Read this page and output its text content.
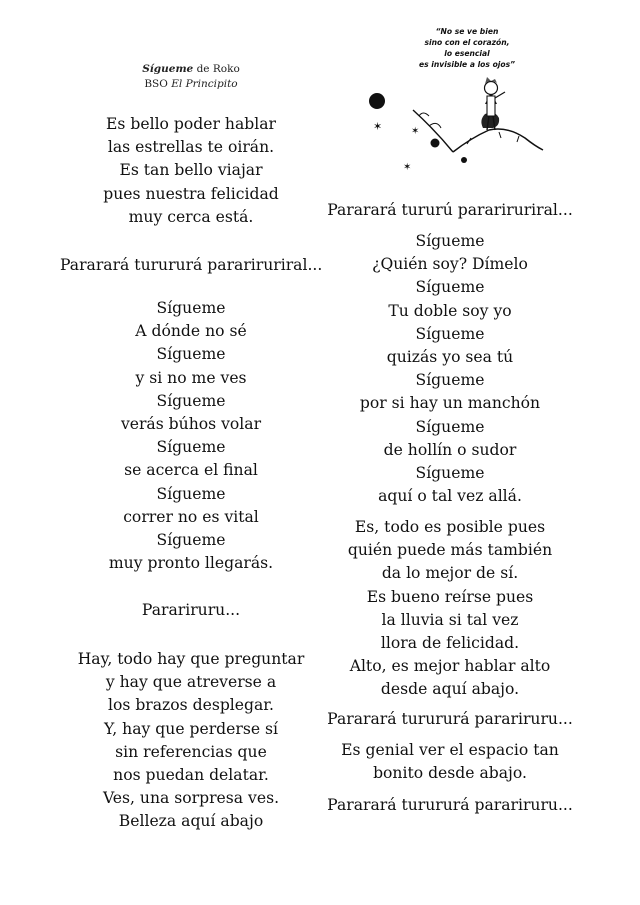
Sígueme de Roko
BSO El Principito
Es bello poder hablar
las estrellas te oirán.
Es tan bello viajar
pues nuestra felicidad
muy cerca está.
Pararará turururá parariruriral...
Sígueme
A dónde no sé
Sígueme
y si no me ves
Sígueme
verás búhos volar
Sígueme
se acerca el final
Sígueme
correr no es vital
Sígueme
muy pronto llegarás.
Parariruru...
Hay, todo hay que preguntar
y hay que atreverse a
los brazos desplegar.
Y, hay que perderse sí
sin referencias que
nos puedan delatar.
Ves, una sorpresa ves.
Belleza aquí abajo
“No se ve bien
sino con el corazón,
lo esencial
es invisible a los ojos”
✶	✶
✶
Pararará tururú parariruriral...
Sígueme
¿Quién soy? Dímelo
Sígueme
Tu doble soy yo
Sígueme
quizás yo sea tú
Sígueme
por si hay un manchón
Sígueme
de hollín o sudor
Sígueme
aquí o tal vez allá.
Es, todo es posible pues
quién puede más también
da lo mejor de sí.
Es bueno reírse pues
la lluvia si tal vez
llora de felicidad.
Alto, es mejor hablar alto
desde aquí abajo.
Pararará turururá parariruru...
Es genial ver el espacio tan
bonito desde abajo.
Pararará turururá parariruru...
